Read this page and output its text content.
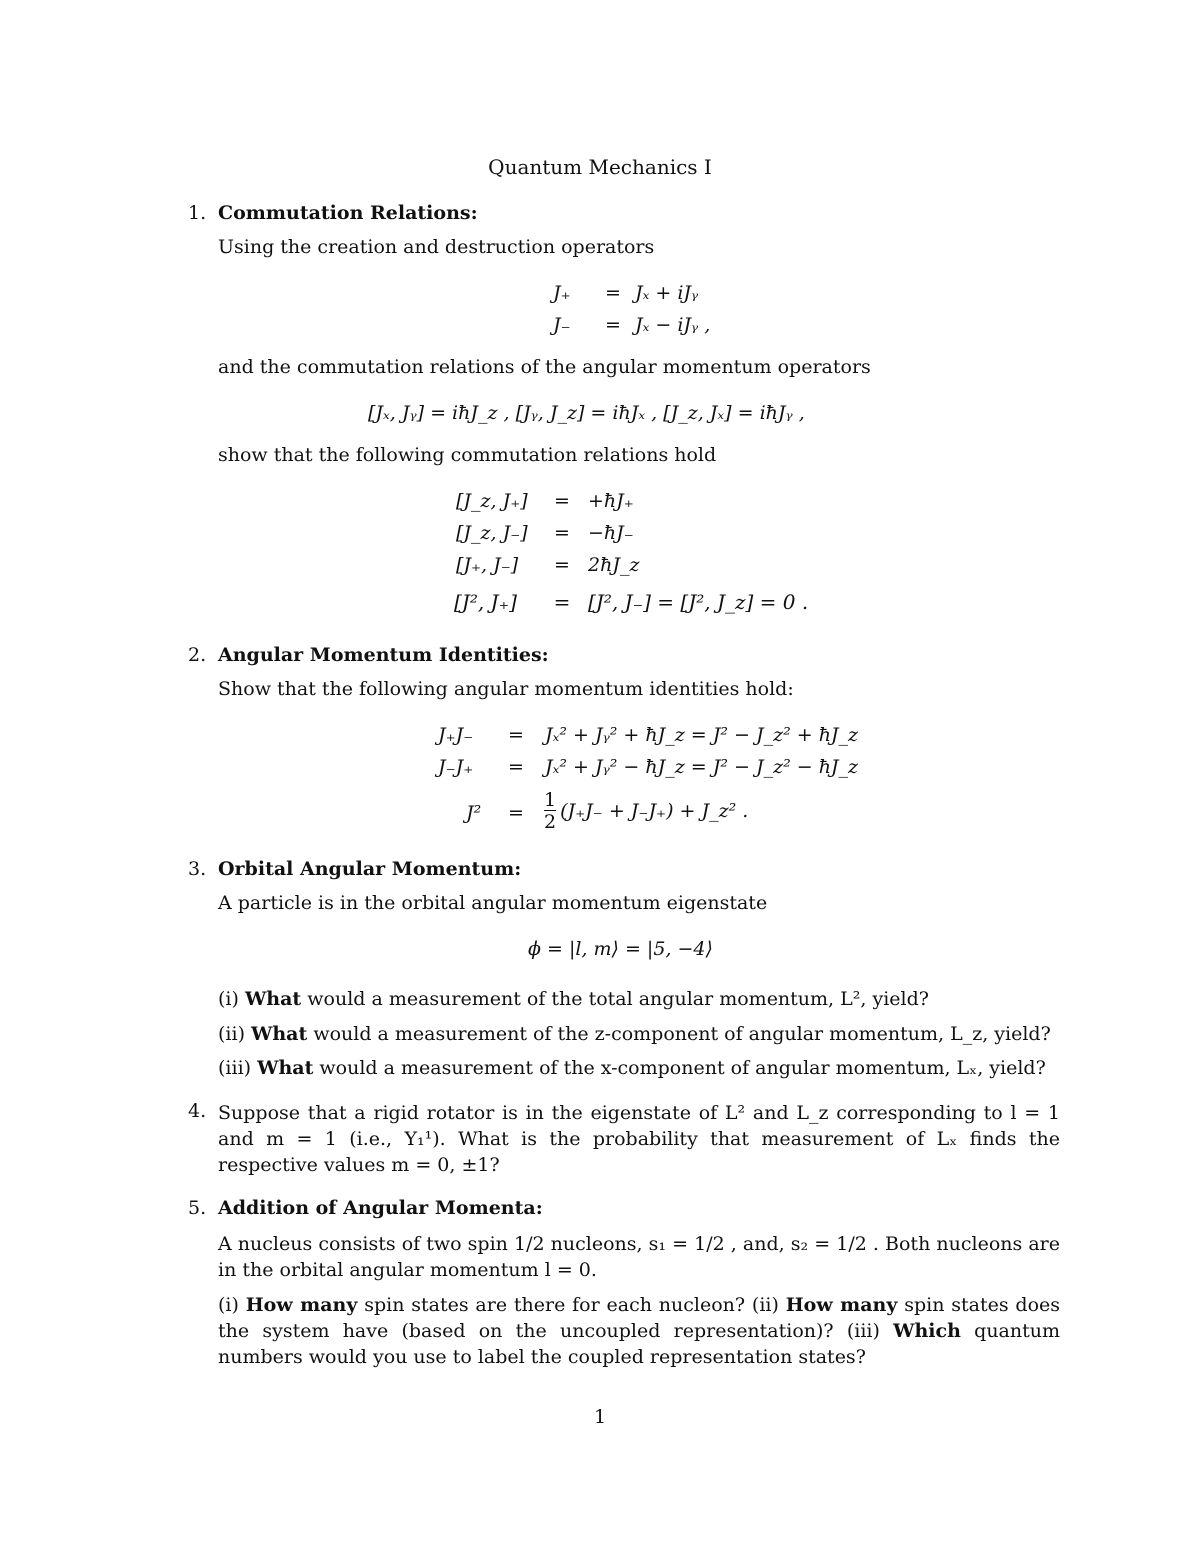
Quantum Mechanics I
1. Commutation Relations:
Using the creation and destruction operators
J₊	= Jₓ + iJᵧ
J₋	= Jₓ − iJᵧ ,
and the commutation relations of the angular momentum operators
[Jₓ, Jᵧ] = iħJ_z , [Jᵧ, J_z] = iħJₓ , [J_z, Jₓ] = iħJᵧ ,
show that the following commutation relations hold
[J_z, J₊]	= +ħJ₊
[J_z, J₋]	= −ħJ₋
[J₊, J₋]	= 2ħJ_z
[J², J₊]	= [J², J₋] = [J², J_z] = 0 .
2. Angular Momentum Identities:
Show that the following angular momentum identities hold:
J₊J₋	=	Jₓ² + Jᵧ² + ħJ_z = J² − J_z² + ħJ_z
J₋J₊	=	Jₓ² + Jᵧ² − ħJ_z = J² − J_z² − ħJ_z
J²	=	$\frac{1}{2} (J_+J_- + J_-J_+)$ + J_z² .
3. Orbital Angular Momentum:
A particle is in the orbital angular momentum eigenstate
ϕ = |l, m⟩ = |5, −4⟩
(i) What would a measurement of the total angular momentum, L², yield?
(ii) What would a measurement of the z-component of angular momentum, L_z, yield?
(iii) What would a measurement of the x-component of angular momentum, Lₓ, yield?
4. Suppose that a rigid rotator is in the eigenstate of L² and L_z corresponding to l = 1 and m = 1 (i.e., Y₁¹). What is the probability that measurement of Lₓ finds the respective values m = 0, ±1?
5. Addition of Angular Momenta:
A nucleus consists of two spin 1/2 nucleons, s₁ = 1/2 , and, s₂ = 1/2 . Both nucleons are in the orbital angular momentum l = 0.
(i) How many spin states are there for each nucleon? (ii) How many spin states does the system have (based on the uncoupled representation)? (iii) Which quantum numbers would you use to label the coupled representation states?
1
